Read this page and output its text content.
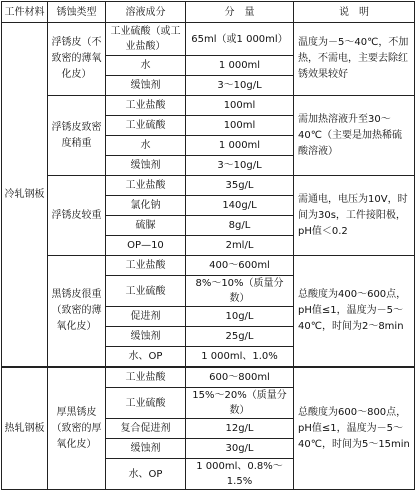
工件材料	锈蚀类型	溶液成分	分　量	说　明
冷轧钢板	浮锈皮（不致密的薄氧化皮）	工业硫酸（或工业盐酸）	65ml（或1 000ml）	温度为－5～40℃，不加热，不需电，主要去除红锈效果较好
		水	1 000ml	
		缓蚀剂	3～10g/L	
	浮锈皮致密度稍重	工业盐酸	100ml	需加热溶液升至30～40℃（主要是加热稀硫酸溶液）
		工业硫酸	100ml	
		水	1 000ml	
		缓蚀剂	3～10g/L	
	浮锈皮较重	工业盐酸	35g/L	需通电，电压为10V，时间为30s，工件接阳极，pH值＜0.2
		氯化钠	140g/L	
		硫脲	8g/L	
		OP—10	2ml/L	
	黑锈皮很重（致密的薄氧化皮）	工业盐酸	400～600ml	总酸度为400～600点，pH值≤1，温度为－5～40℃，时间为2～8min
		工业硫酸	8%～10%（质量分数）	
		促进剂	10g/L	
		缓蚀剂	25g/L	
		水、OP	1 000ml、1.0%	
热轧钢板	厚黑锈皮（致密的厚氧化皮）	工业盐酸	600～800ml	总酸度为600～800点，pH值≤1，温度为－5～40℃，时间为5～15min
		工业硫酸	15%～20%（质量分数）	
		复合促进剂	12g/L	
		缓蚀剂	30g/L	
		水、OP	1 000ml、0.8%～1.5%	
